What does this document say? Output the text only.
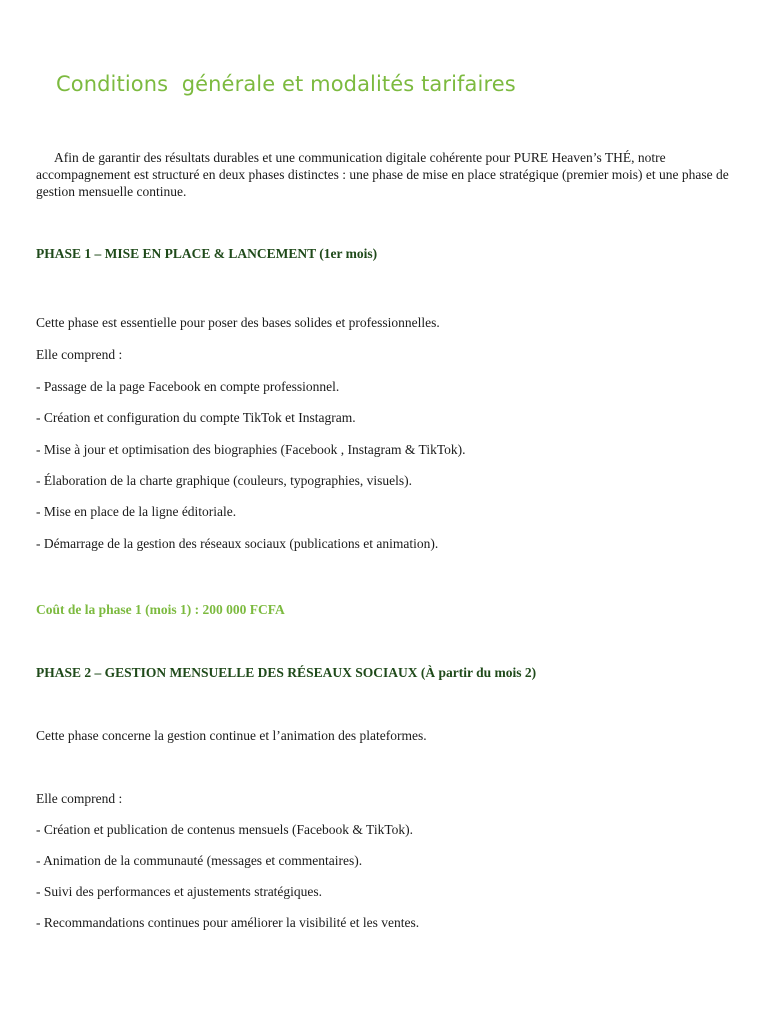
Conditions  générale et modalités tarifaires

Afin de garantir des résultats durables et une communication digitale cohérente pour PURE Heaven’s THÉ, notre accompagnement est structuré en deux phases distinctes : une phase de mise en place stratégique (premier mois) et une phase de gestion mensuelle continue.

PHASE 1 – MISE EN PLACE & LANCEMENT (1er mois)

Cette phase est essentielle pour poser des bases solides et professionnelles.

Elle comprend :

- Passage de la page Facebook en compte professionnel.

- Création et configuration du compte TikTok et Instagram.

- Mise à jour et optimisation des biographies (Facebook , Instagram & TikTok).

- Élaboration de la charte graphique (couleurs, typographies, visuels).

- Mise en place de la ligne éditoriale.

- Démarrage de la gestion des réseaux sociaux (publications et animation).

Coût de la phase 1 (mois 1) : 200 000 FCFA

PHASE 2 – GESTION MENSUELLE DES RÉSEAUX SOCIAUX (À partir du mois 2)

Cette phase concerne la gestion continue et l’animation des plateformes.

Elle comprend :

- Création et publication de contenus mensuels (Facebook & TikTok).

- Animation de la communauté (messages et commentaires).

- Suivi des performances et ajustements stratégiques.

- Recommandations continues pour améliorer la visibilité et les ventes.
